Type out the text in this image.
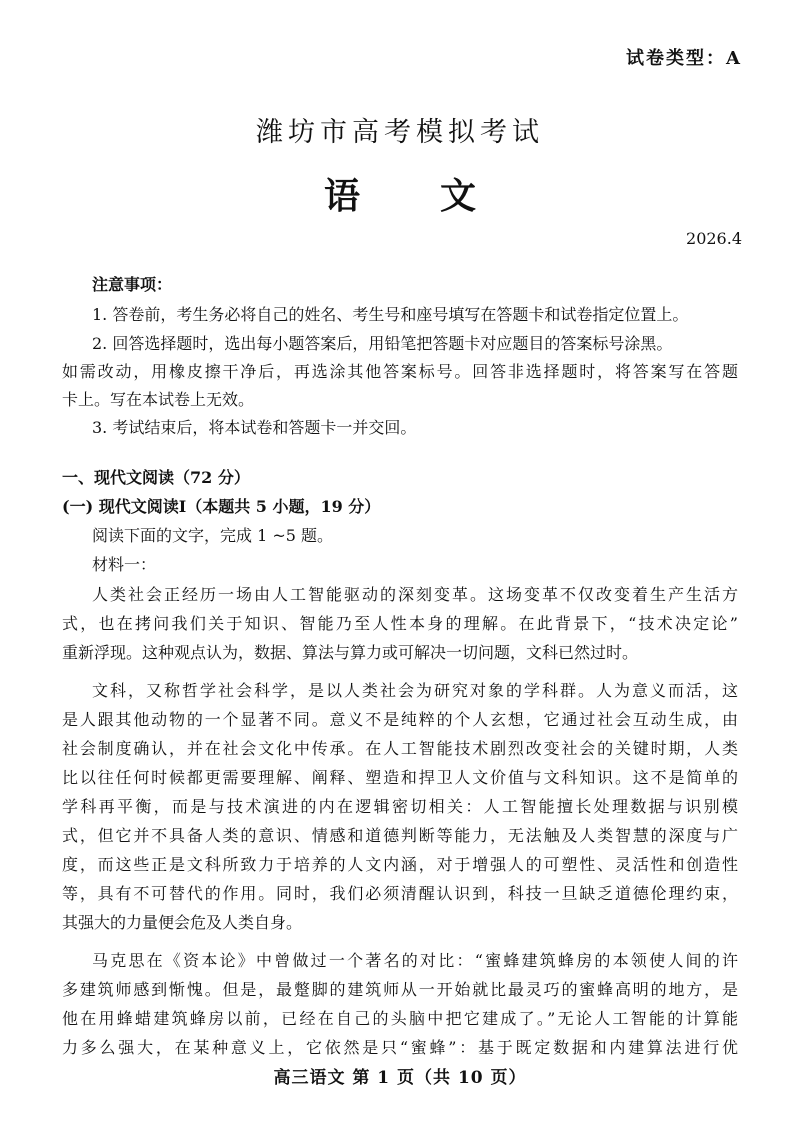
试卷类型：A
潍坊市高考模拟考试
语 文
2026.4
注意事项：
1. 答卷前，考生务必将自己的姓名、考生号和座号填写在答题卡和试卷指定位置上。
2. 回答选择题时，选出每小题答案后，用铅笔把答题卡对应题目的答案标号涂黑。
如需改动，用橡皮擦干净后，再选涂其他答案标号。回答非选择题时，将答案写在答题
卡上。写在本试卷上无效。
3. 考试结束后，将本试卷和答题卡一并交回。
一、现代文阅读（72 分）
(一) 现代文阅读Ⅰ（本题共 5 小题，19 分）
阅读下面的文字，完成 1 ~5 题。
材料一：
人类社会正经历一场由人工智能驱动的深刻变革。这场变革不仅改变着生产生活方
式，也在拷问我们关于知识、智能乃至人性本身的理解。在此背景下，“技术决定论”
重新浮现。这种观点认为，数据、算法与算力或可解决一切问题，文科已然过时。
文科，又称哲学社会科学，是以人类社会为研究对象的学科群。人为意义而活，这
是人跟其他动物的一个显著不同。意义不是纯粹的个人玄想，它通过社会互动生成，由
社会制度确认，并在社会文化中传承。在人工智能技术剧烈改变社会的关键时期，人类
比以往任何时候都更需要理解、阐释、塑造和捍卫人文价值与文科知识。这不是简单的
学科再平衡，而是与技术演进的内在逻辑密切相关：人工智能擅长处理数据与识别模
式，但它并不具备人类的意识、情感和道德判断等能力，无法触及人类智慧的深度与广
度，而这些正是文科所致力于培养的人文内涵，对于增强人的可塑性、灵活性和创造性
等，具有不可替代的作用。同时，我们必须清醒认识到，科技一旦缺乏道德伦理约束，
其强大的力量便会危及人类自身。
马克思在《资本论》中曾做过一个著名的对比：“蜜蜂建筑蜂房的本领使人间的许
多建筑师感到惭愧。但是，最蹩脚的建筑师从一开始就比最灵巧的蜜蜂高明的地方，是
他在用蜂蜡建筑蜂房以前，已经在自己的头脑中把它建成了。”无论人工智能的计算能
力多么强大，在某种意义上，它依然是只“蜜蜂”：基于既定数据和内建算法进行优
高三语文 第 1 页（共 10 页）
